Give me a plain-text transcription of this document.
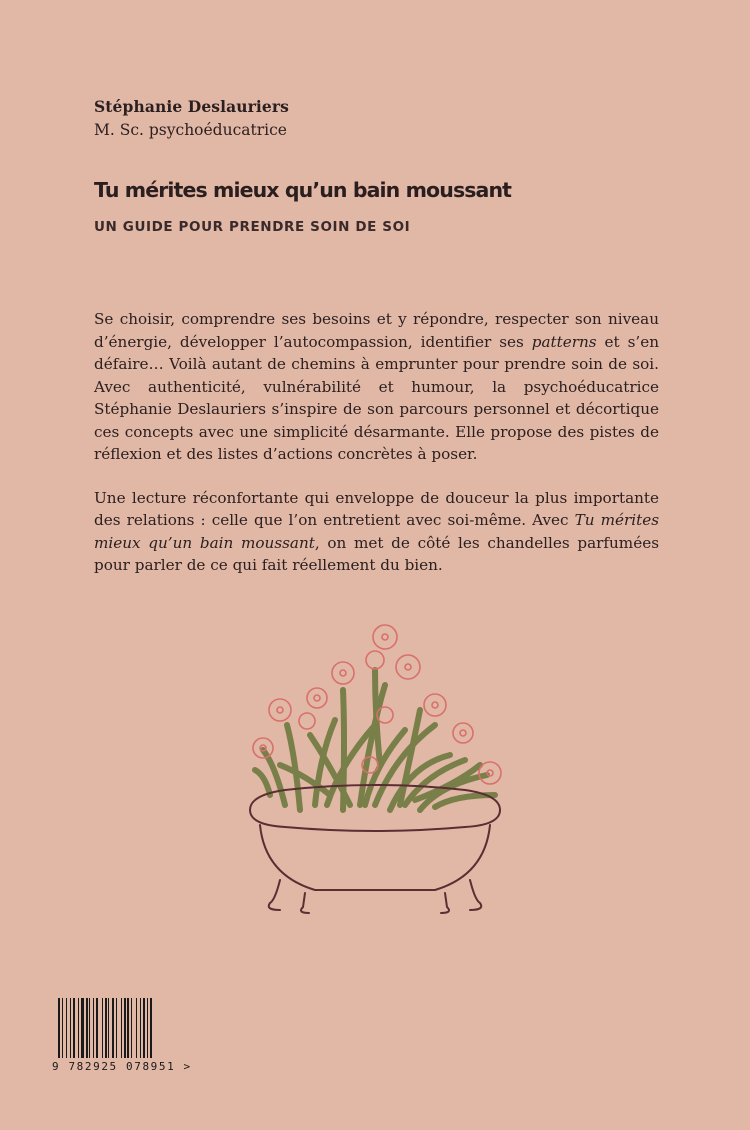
Stéphanie Deslauriers
M. Sc. psychoéducatrice
Tu mérites mieux qu’un bain moussant
UN GUIDE POUR PRENDRE SOIN DE SOI

Se choisir, comprendre ses besoins et y répondre, respecter son niveau d’énergie, développer l’autocompassion, identifier ses patterns et s’en défaire… Voilà autant de chemins à emprunter pour prendre soin de soi. Avec authenticité, vulnérabilité et humour, la psychoéducatrice Stéphanie Deslauriers s’inspire de son parcours personnel et décortique ces concepts avec une simplicité désarmante. Elle propose des pistes de réflexion et des listes d’actions concrètes à poser.

Une lecture réconfortante qui enveloppe de douceur la plus importante des relations : celle que l’on entretient avec soi-même. Avec Tu mérites mieux qu’un bain moussant, on met de côté les chandelles parfumées pour parler de ce qui fait réellement du bien.

9 782925 078951 >
